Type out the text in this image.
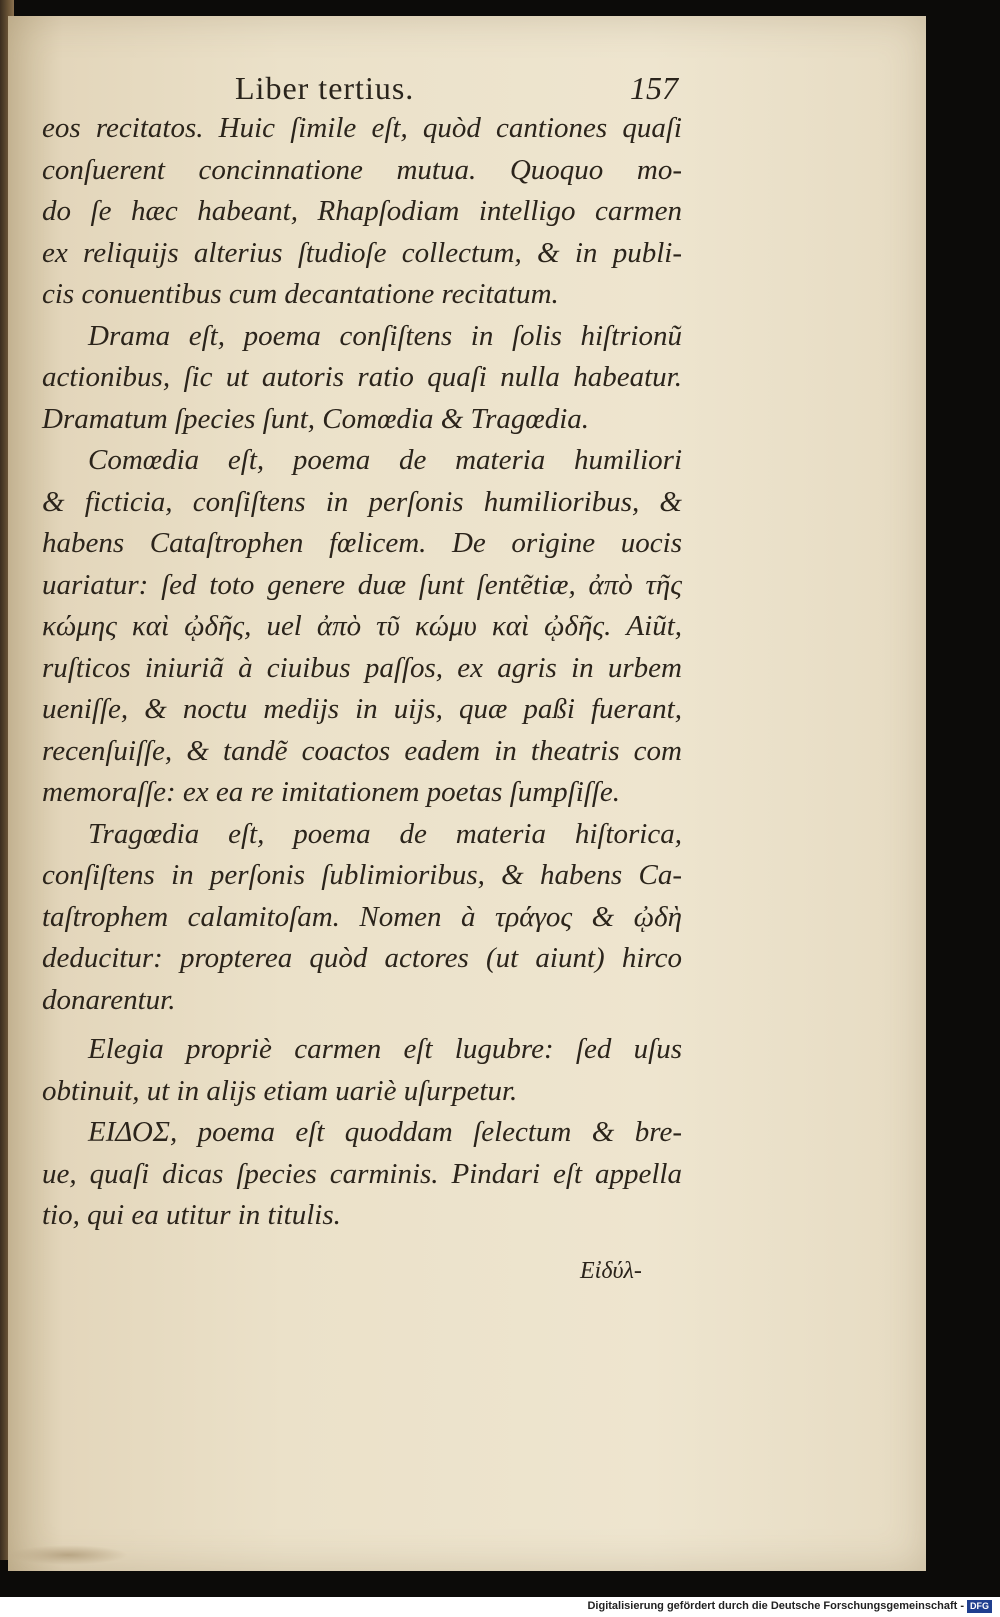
Liber tertius.	157
eos recitatos. Huic ſimile eſt, quòd cantiones quaſi
conſuerent concinnatione mutua. Quoquo mo-
do ſe hæc habeant, Rhapſodiam intelligo carmen
ex reliquijs alterius ſtudioſe collectum, & in publi-
cis conuentibus cum decantatione recitatum.
Drama eſt, poema conſiſtens in ſolis hiſtrionũ
actionibus, ſic ut autoris ratio quaſi nulla habeatur.
Dramatum ſpecies ſunt, Comœdia & Tragœdia.
Comœdia eſt, poema de materia humiliori
& ficticia, conſiſtens in perſonis humilioribus, &
habens Cataſtrophen fœlicem. De origine uocis
uariatur: ſed toto genere duæ ſunt ſentẽtiæ, ἀπὸ τῆς
κώμης καὶ ᾠδῆς, uel ἀπὸ τῦ κώμυ καὶ ᾠδῆς. Aiũt,
ruſticos iniuriã à ciuibus paſſos, ex agris in urbem
ueniſſe, & noctu medijs in uijs, quæ paßi fuerant,
recenſuiſſe, & tandẽ coactos eadem in theatris com
memoraſſe: ex ea re imitationem poetas ſumpſiſſe.
Tragœdia eſt, poema de materia hiſtorica,
conſiſtens in perſonis ſublimioribus, & habens Ca-
taſtrophem calamitoſam. Nomen à τράγος & ᾠδὴ
deducitur: propterea quòd actores (ut aiunt) hirco
donarentur.
Elegia propriè carmen eſt lugubre: ſed uſus
obtinuit, ut in alijs etiam uariè uſurpetur.
ΕΙΔΟΣ, poema eſt quoddam ſelectum & bre-
ue, quaſi dicas ſpecies carminis. Pindari eſt appella
tio, qui ea utitur in titulis.
Εἰδύλ-
Digitalisierung gefördert durch die Deutsche Forschungsgemeinschaft - DFG
